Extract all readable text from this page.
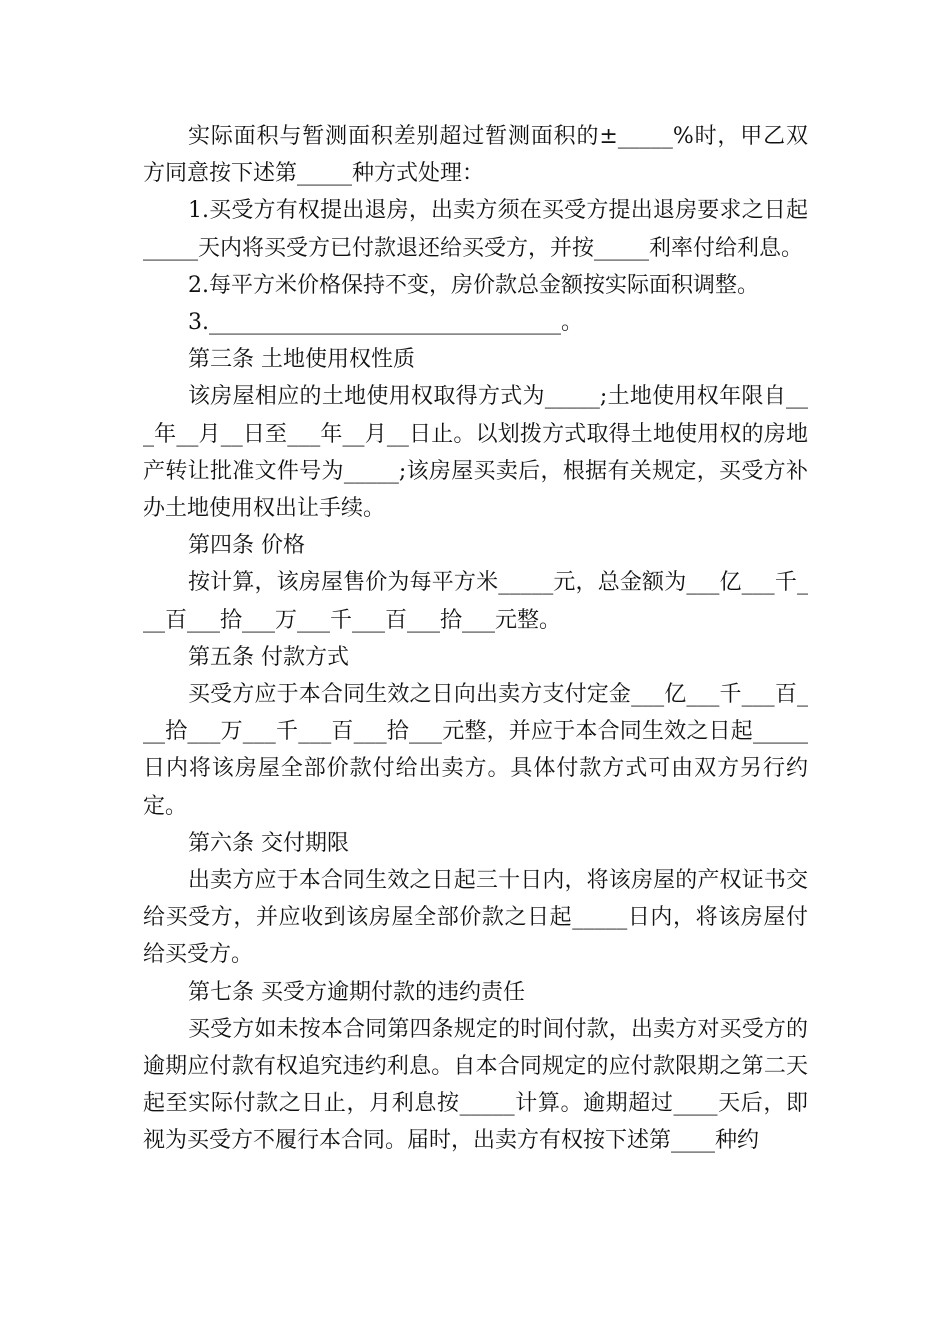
实际面积与暂测面积差别超过暂测面积的±_____%时，甲乙双方同意按下述第_____种方式处理：

1.买受方有权提出退房，出卖方须在买受方提出退房要求之日起_____天内将买受方已付款退还给买受方，并按_____利率付给利息。

2.每平方米价格保持不变，房价款总金额按实际面积调整。

3.________________________________。

第三条 土地使用权性质

该房屋相应的土地使用权取得方式为_____;土地使用权年限自___年__月__日至___年__月__日止。以划拨方式取得土地使用权的房地产转让批准文件号为_____;该房屋买卖后，根据有关规定，买受方补办土地使用权出让手续。

第四条 价格

按计算，该房屋售价为每平方米_____元，总金额为___亿___千___百___拾___万___千___百___拾___元整。

第五条 付款方式

买受方应于本合同生效之日向出卖方支付定金___亿___千___百___拾___万___千___百___拾___元整，并应于本合同生效之日起_____日内将该房屋全部价款付给出卖方。具体付款方式可由双方另行约定。

第六条 交付期限

出卖方应于本合同生效之日起三十日内，将该房屋的产权证书交给买受方，并应收到该房屋全部价款之日起_____日内，将该房屋付给买受方。

第七条 买受方逾期付款的违约责任

买受方如未按本合同第四条规定的时间付款，出卖方对买受方的逾期应付款有权追究违约利息。自本合同规定的应付款限期之第二天起至实际付款之日止，月利息按_____计算。逾期超过____天后，即视为买受方不履行本合同。届时，出卖方有权按下述第____种约
